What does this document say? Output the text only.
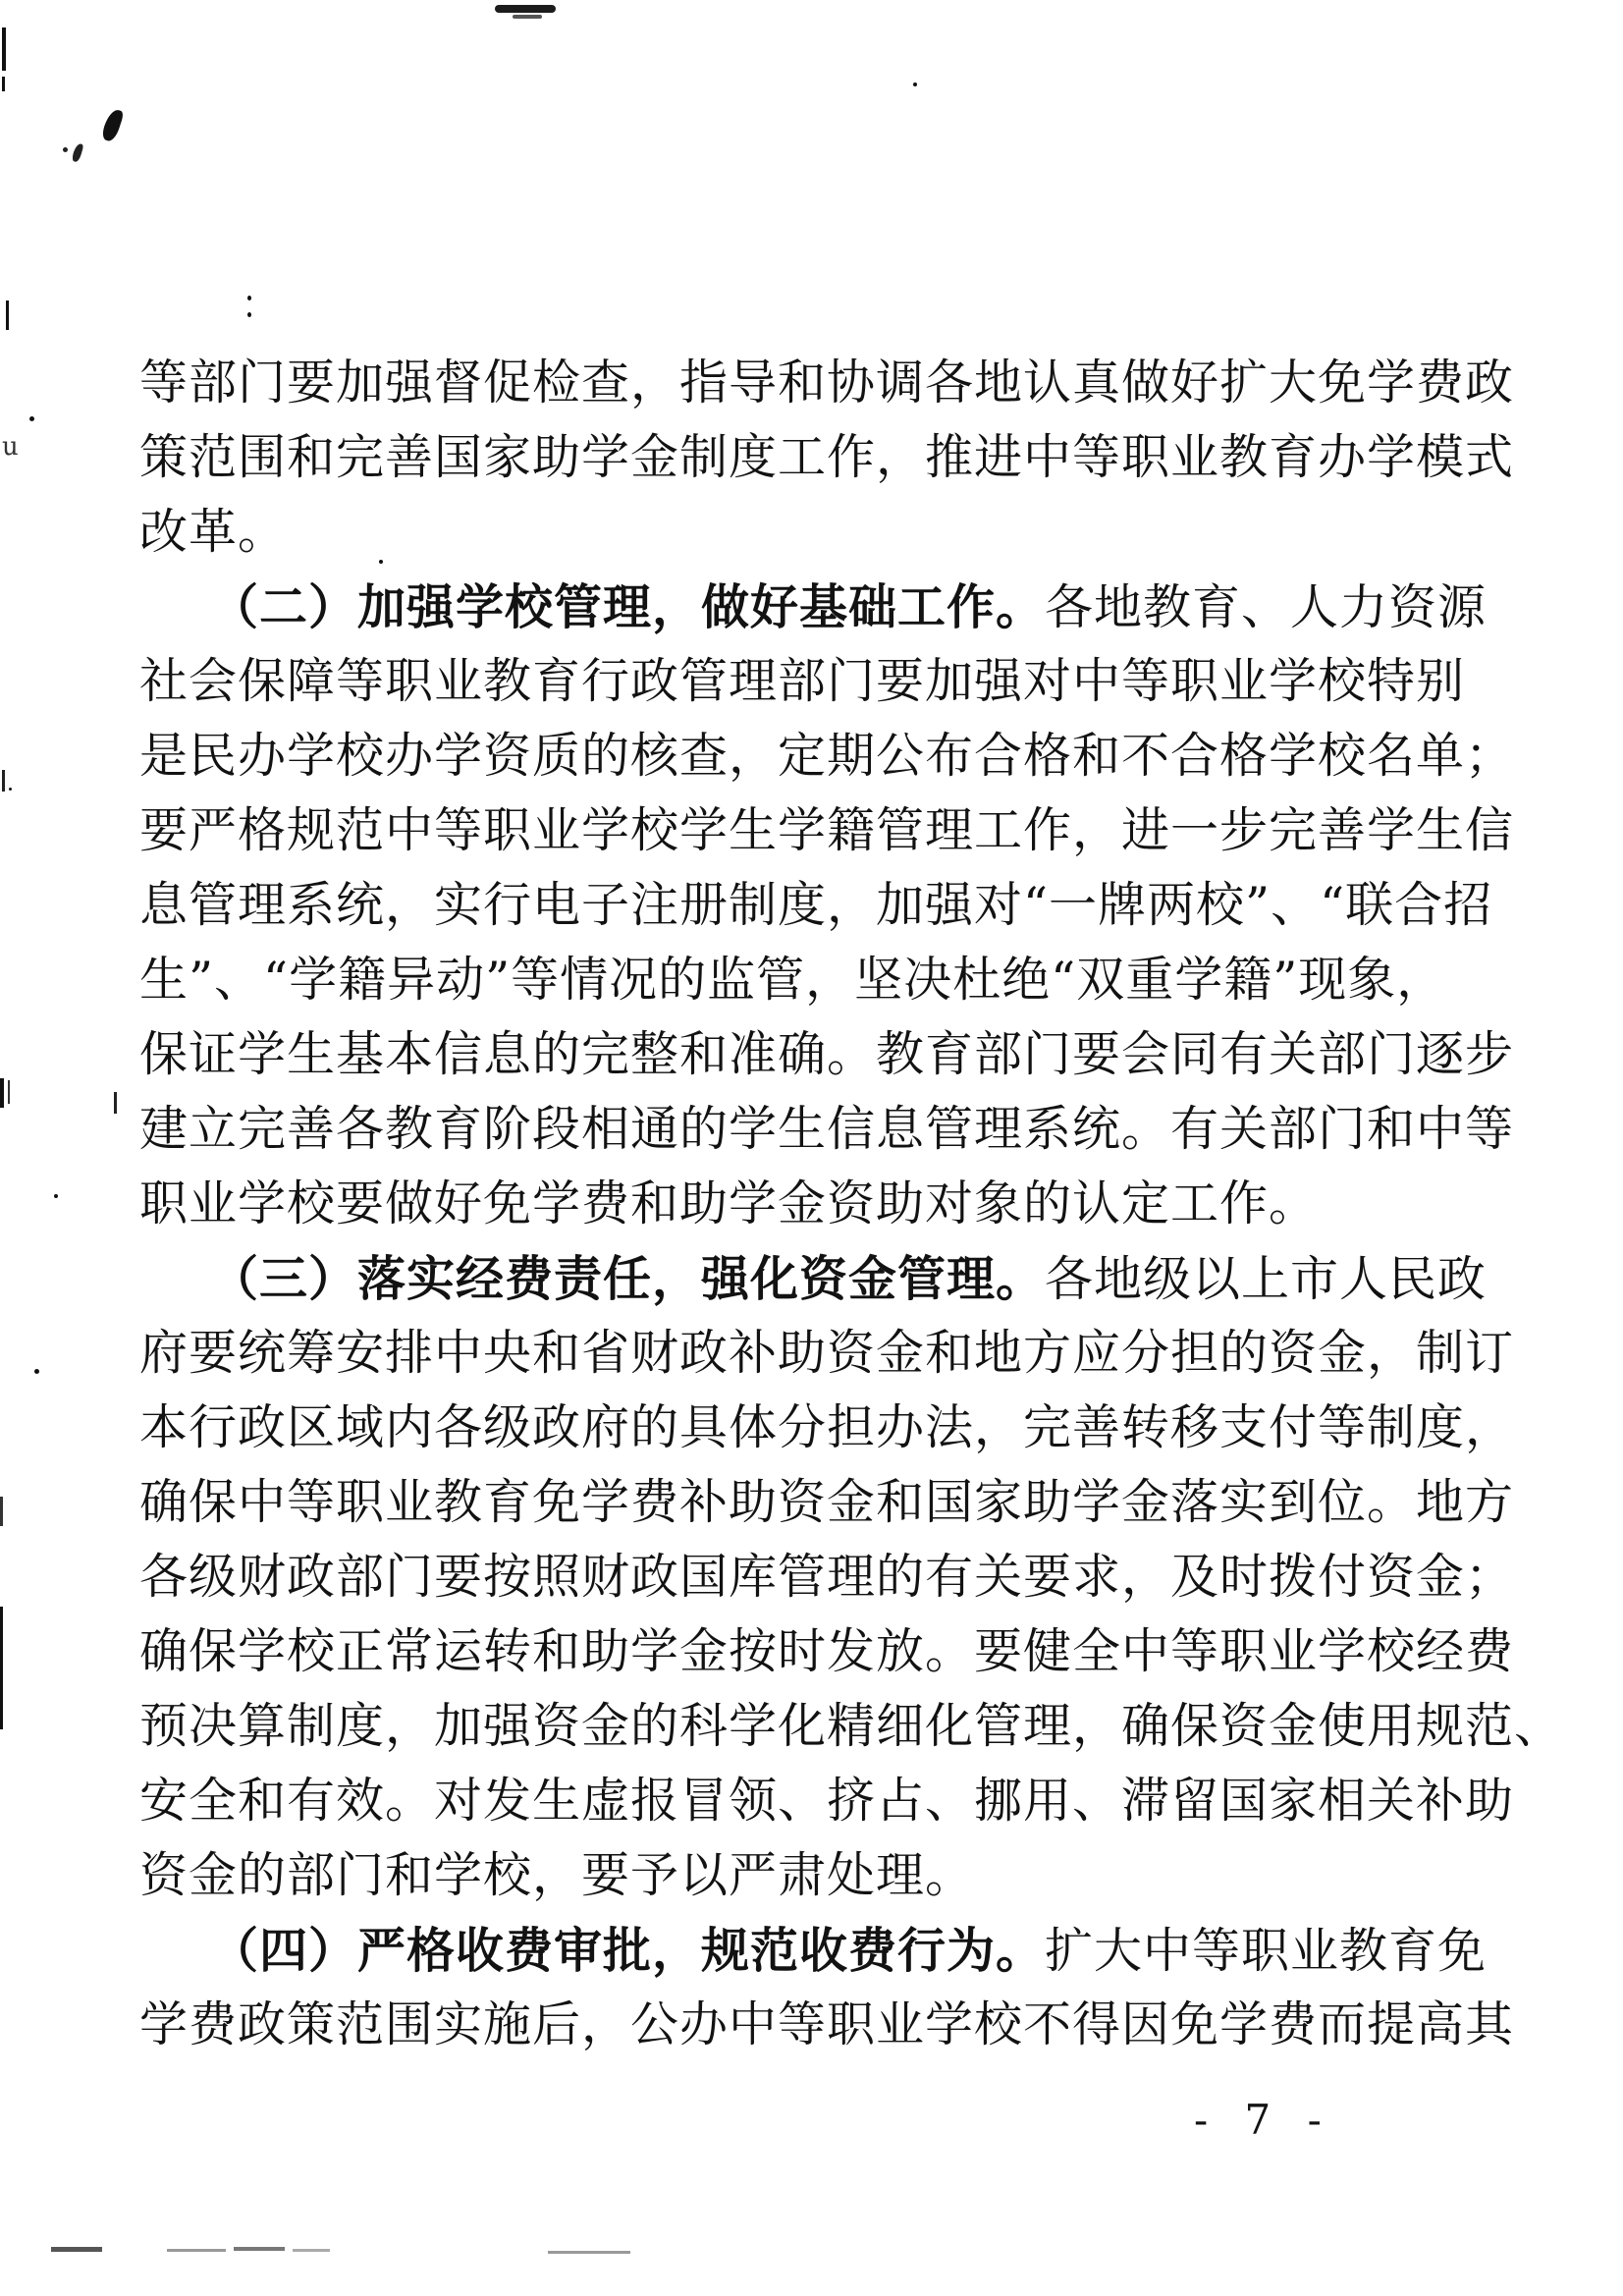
等部门要加强督促检查，指导和协调各地认真做好扩大免学费政
策范围和完善国家助学金制度工作，推进中等职业教育办学模式
改革。
（二）加强学校管理，做好基础工作。各地教育、人力资源
社会保障等职业教育行政管理部门要加强对中等职业学校特别
是民办学校办学资质的核查，定期公布合格和不合格学校名单；
要严格规范中等职业学校学生学籍管理工作，进一步完善学生信
息管理系统，实行电子注册制度，加强对“一牌两校”、“联合招
生”、“学籍异动”等情况的监管，坚决杜绝“双重学籍”现象，
保证学生基本信息的完整和准确。教育部门要会同有关部门逐步
建立完善各教育阶段相通的学生信息管理系统。有关部门和中等
职业学校要做好免学费和助学金资助对象的认定工作。
（三）落实经费责任，强化资金管理。各地级以上市人民政
府要统筹安排中央和省财政补助资金和地方应分担的资金，制订
本行政区域内各级政府的具体分担办法，完善转移支付等制度，
确保中等职业教育免学费补助资金和国家助学金落实到位。地方
各级财政部门要按照财政国库管理的有关要求，及时拨付资金；
确保学校正常运转和助学金按时发放。要健全中等职业学校经费
预决算制度，加强资金的科学化精细化管理，确保资金使用规范、
安全和有效。对发生虚报冒领、挤占、挪用、滞留国家相关补助
资金的部门和学校，要予以严肃处理。
（四）严格收费审批，规范收费行为。扩大中等职业教育免
学费政策范围实施后，公办中等职业学校不得因免学费而提高其
- 7 -
u
